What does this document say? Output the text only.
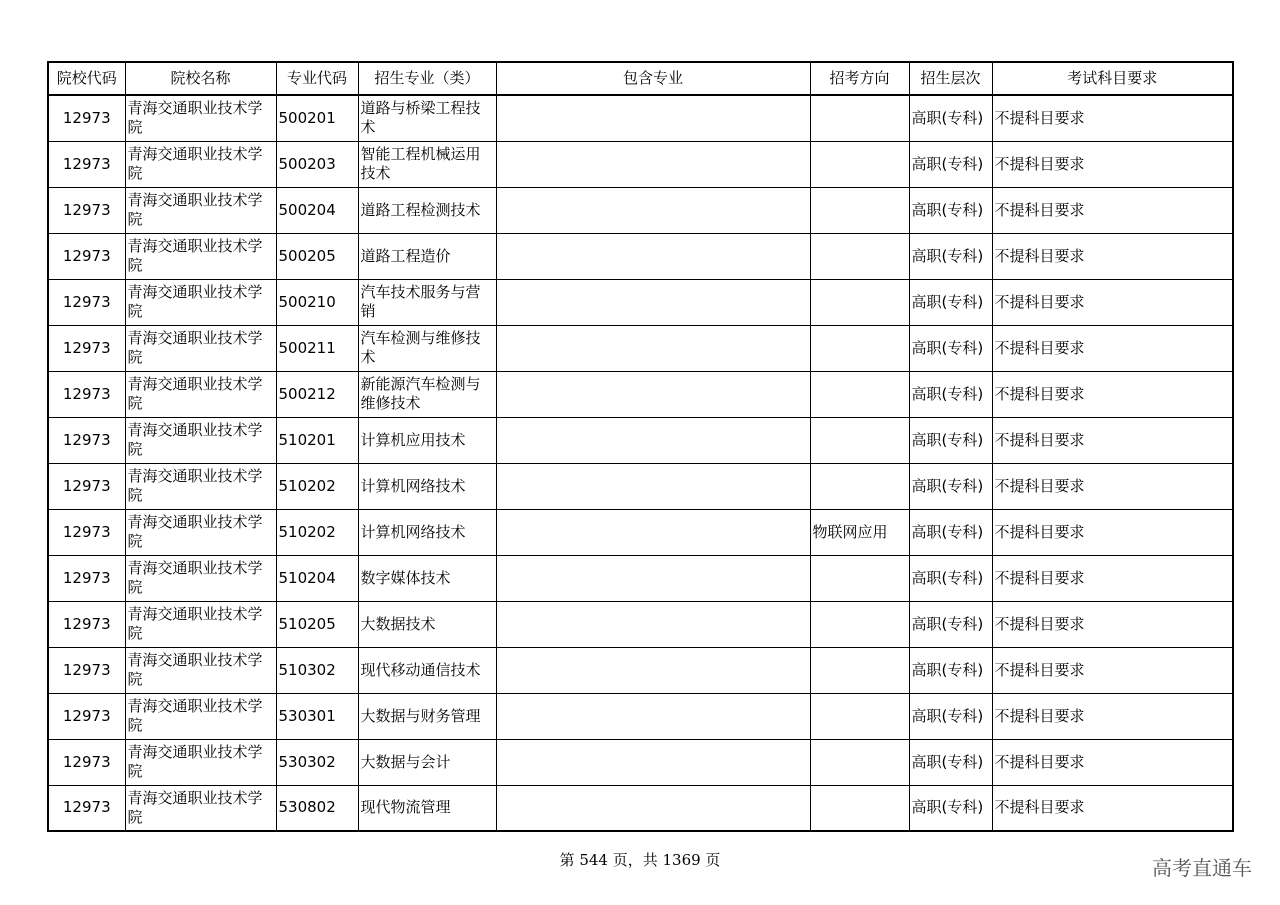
院校代码	院校名称	专业代码	招生专业（类）	包含专业	招考方向	招生层次	考试科目要求
12973	青海交通职业技术学院	500201	道路与桥梁工程技术			高职(专科)	不提科目要求
12973	青海交通职业技术学院	500203	智能工程机械运用技术			高职(专科)	不提科目要求
12973	青海交通职业技术学院	500204	道路工程检测技术			高职(专科)	不提科目要求
12973	青海交通职业技术学院	500205	道路工程造价			高职(专科)	不提科目要求
12973	青海交通职业技术学院	500210	汽车技术服务与营销			高职(专科)	不提科目要求
12973	青海交通职业技术学院	500211	汽车检测与维修技术			高职(专科)	不提科目要求
12973	青海交通职业技术学院	500212	新能源汽车检测与维修技术			高职(专科)	不提科目要求
12973	青海交通职业技术学院	510201	计算机应用技术			高职(专科)	不提科目要求
12973	青海交通职业技术学院	510202	计算机网络技术			高职(专科)	不提科目要求
12973	青海交通职业技术学院	510202	计算机网络技术		物联网应用	高职(专科)	不提科目要求
12973	青海交通职业技术学院	510204	数字媒体技术			高职(专科)	不提科目要求
12973	青海交通职业技术学院	510205	大数据技术			高职(专科)	不提科目要求
12973	青海交通职业技术学院	510302	现代移动通信技术			高职(专科)	不提科目要求
12973	青海交通职业技术学院	530301	大数据与财务管理			高职(专科)	不提科目要求
12973	青海交通职业技术学院	530302	大数据与会计			高职(专科)	不提科目要求
12973	青海交通职业技术学院	530802	现代物流管理			高职(专科)	不提科目要求
第 544 页，共 1369 页	高考直通车
